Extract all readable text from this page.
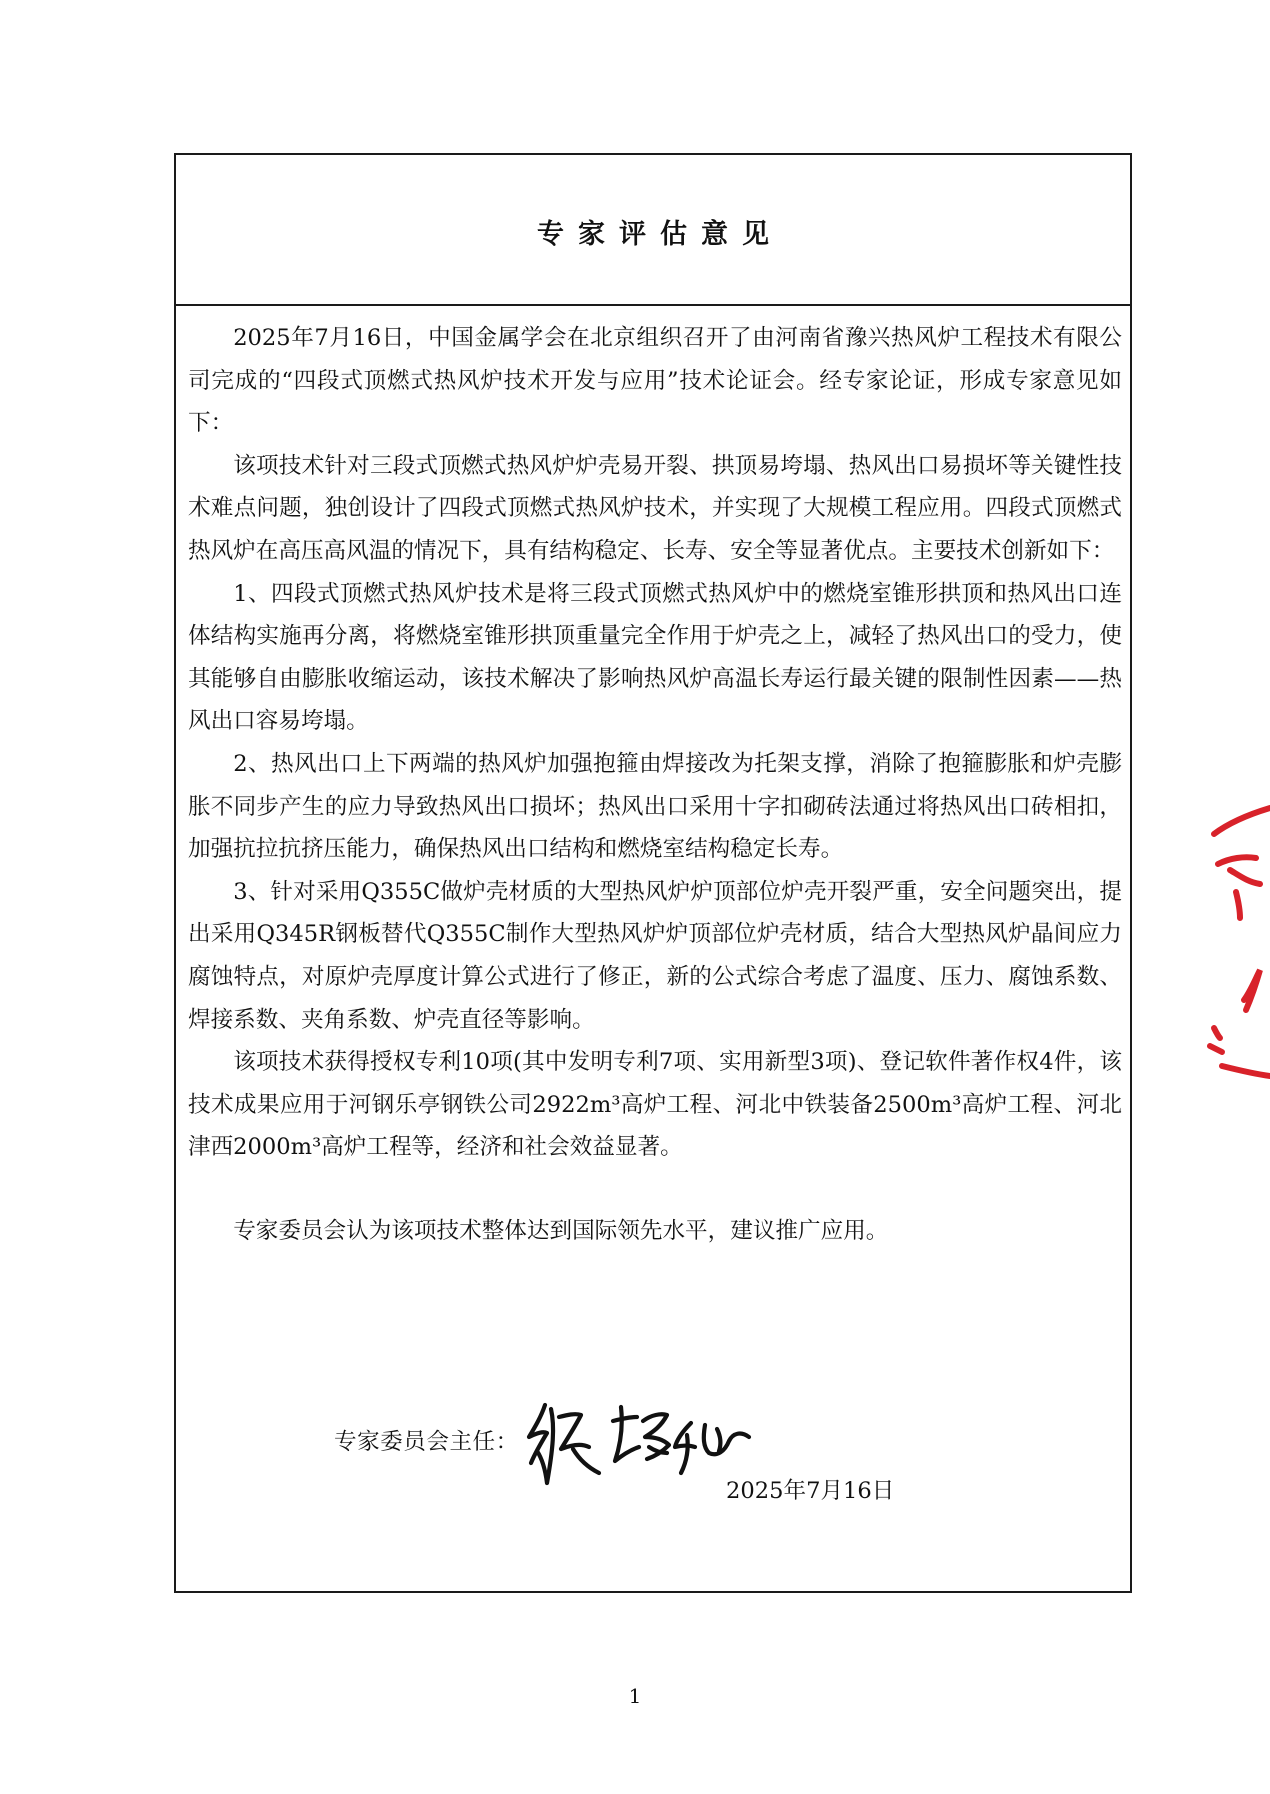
专家评估意见

2025年7月16日，中国金属学会在北京组织召开了由河南省豫兴热风炉工程技术有限公司完成的“四段式顶燃式热风炉技术开发与应用”技术论证会。经专家论证，形成专家意见如下：

该项技术针对三段式顶燃式热风炉炉壳易开裂、拱顶易垮塌、热风出口易损坏等关键性技术难点问题，独创设计了四段式顶燃式热风炉技术，并实现了大规模工程应用。四段式顶燃式热风炉在高压高风温的情况下，具有结构稳定、长寿、安全等显著优点。主要技术创新如下：

1、四段式顶燃式热风炉技术是将三段式顶燃式热风炉中的燃烧室锥形拱顶和热风出口连体结构实施再分离，将燃烧室锥形拱顶重量完全作用于炉壳之上，减轻了热风出口的受力，使其能够自由膨胀收缩运动，该技术解决了影响热风炉高温长寿运行最关键的限制性因素——热风出口容易垮塌。

2、热风出口上下两端的热风炉加强抱箍由焊接改为托架支撑，消除了抱箍膨胀和炉壳膨胀不同步产生的应力导致热风出口损坏；热风出口采用十字扣砌砖法通过将热风出口砖相扣，加强抗拉抗挤压能力，确保热风出口结构和燃烧室结构稳定长寿。

3、针对采用Q355C做炉壳材质的大型热风炉炉顶部位炉壳开裂严重，安全问题突出，提出采用Q345R钢板替代Q355C制作大型热风炉炉顶部位炉壳材质，结合大型热风炉晶间应力腐蚀特点，对原炉壳厚度计算公式进行了修正，新的公式综合考虑了温度、压力、腐蚀系数、焊接系数、夹角系数、炉壳直径等影响。

该项技术获得授权专利10项(其中发明专利7项、实用新型3项)、登记软件著作权4件，该技术成果应用于河钢乐亭钢铁公司2922m³高炉工程、河北中铁装备2500m³高炉工程、河北津西2000m³高炉工程等，经济和社会效益显著。

专家委员会认为该项技术整体达到国际领先水平，建议推广应用。

专家委员会主任：
2025年7月16日
1
